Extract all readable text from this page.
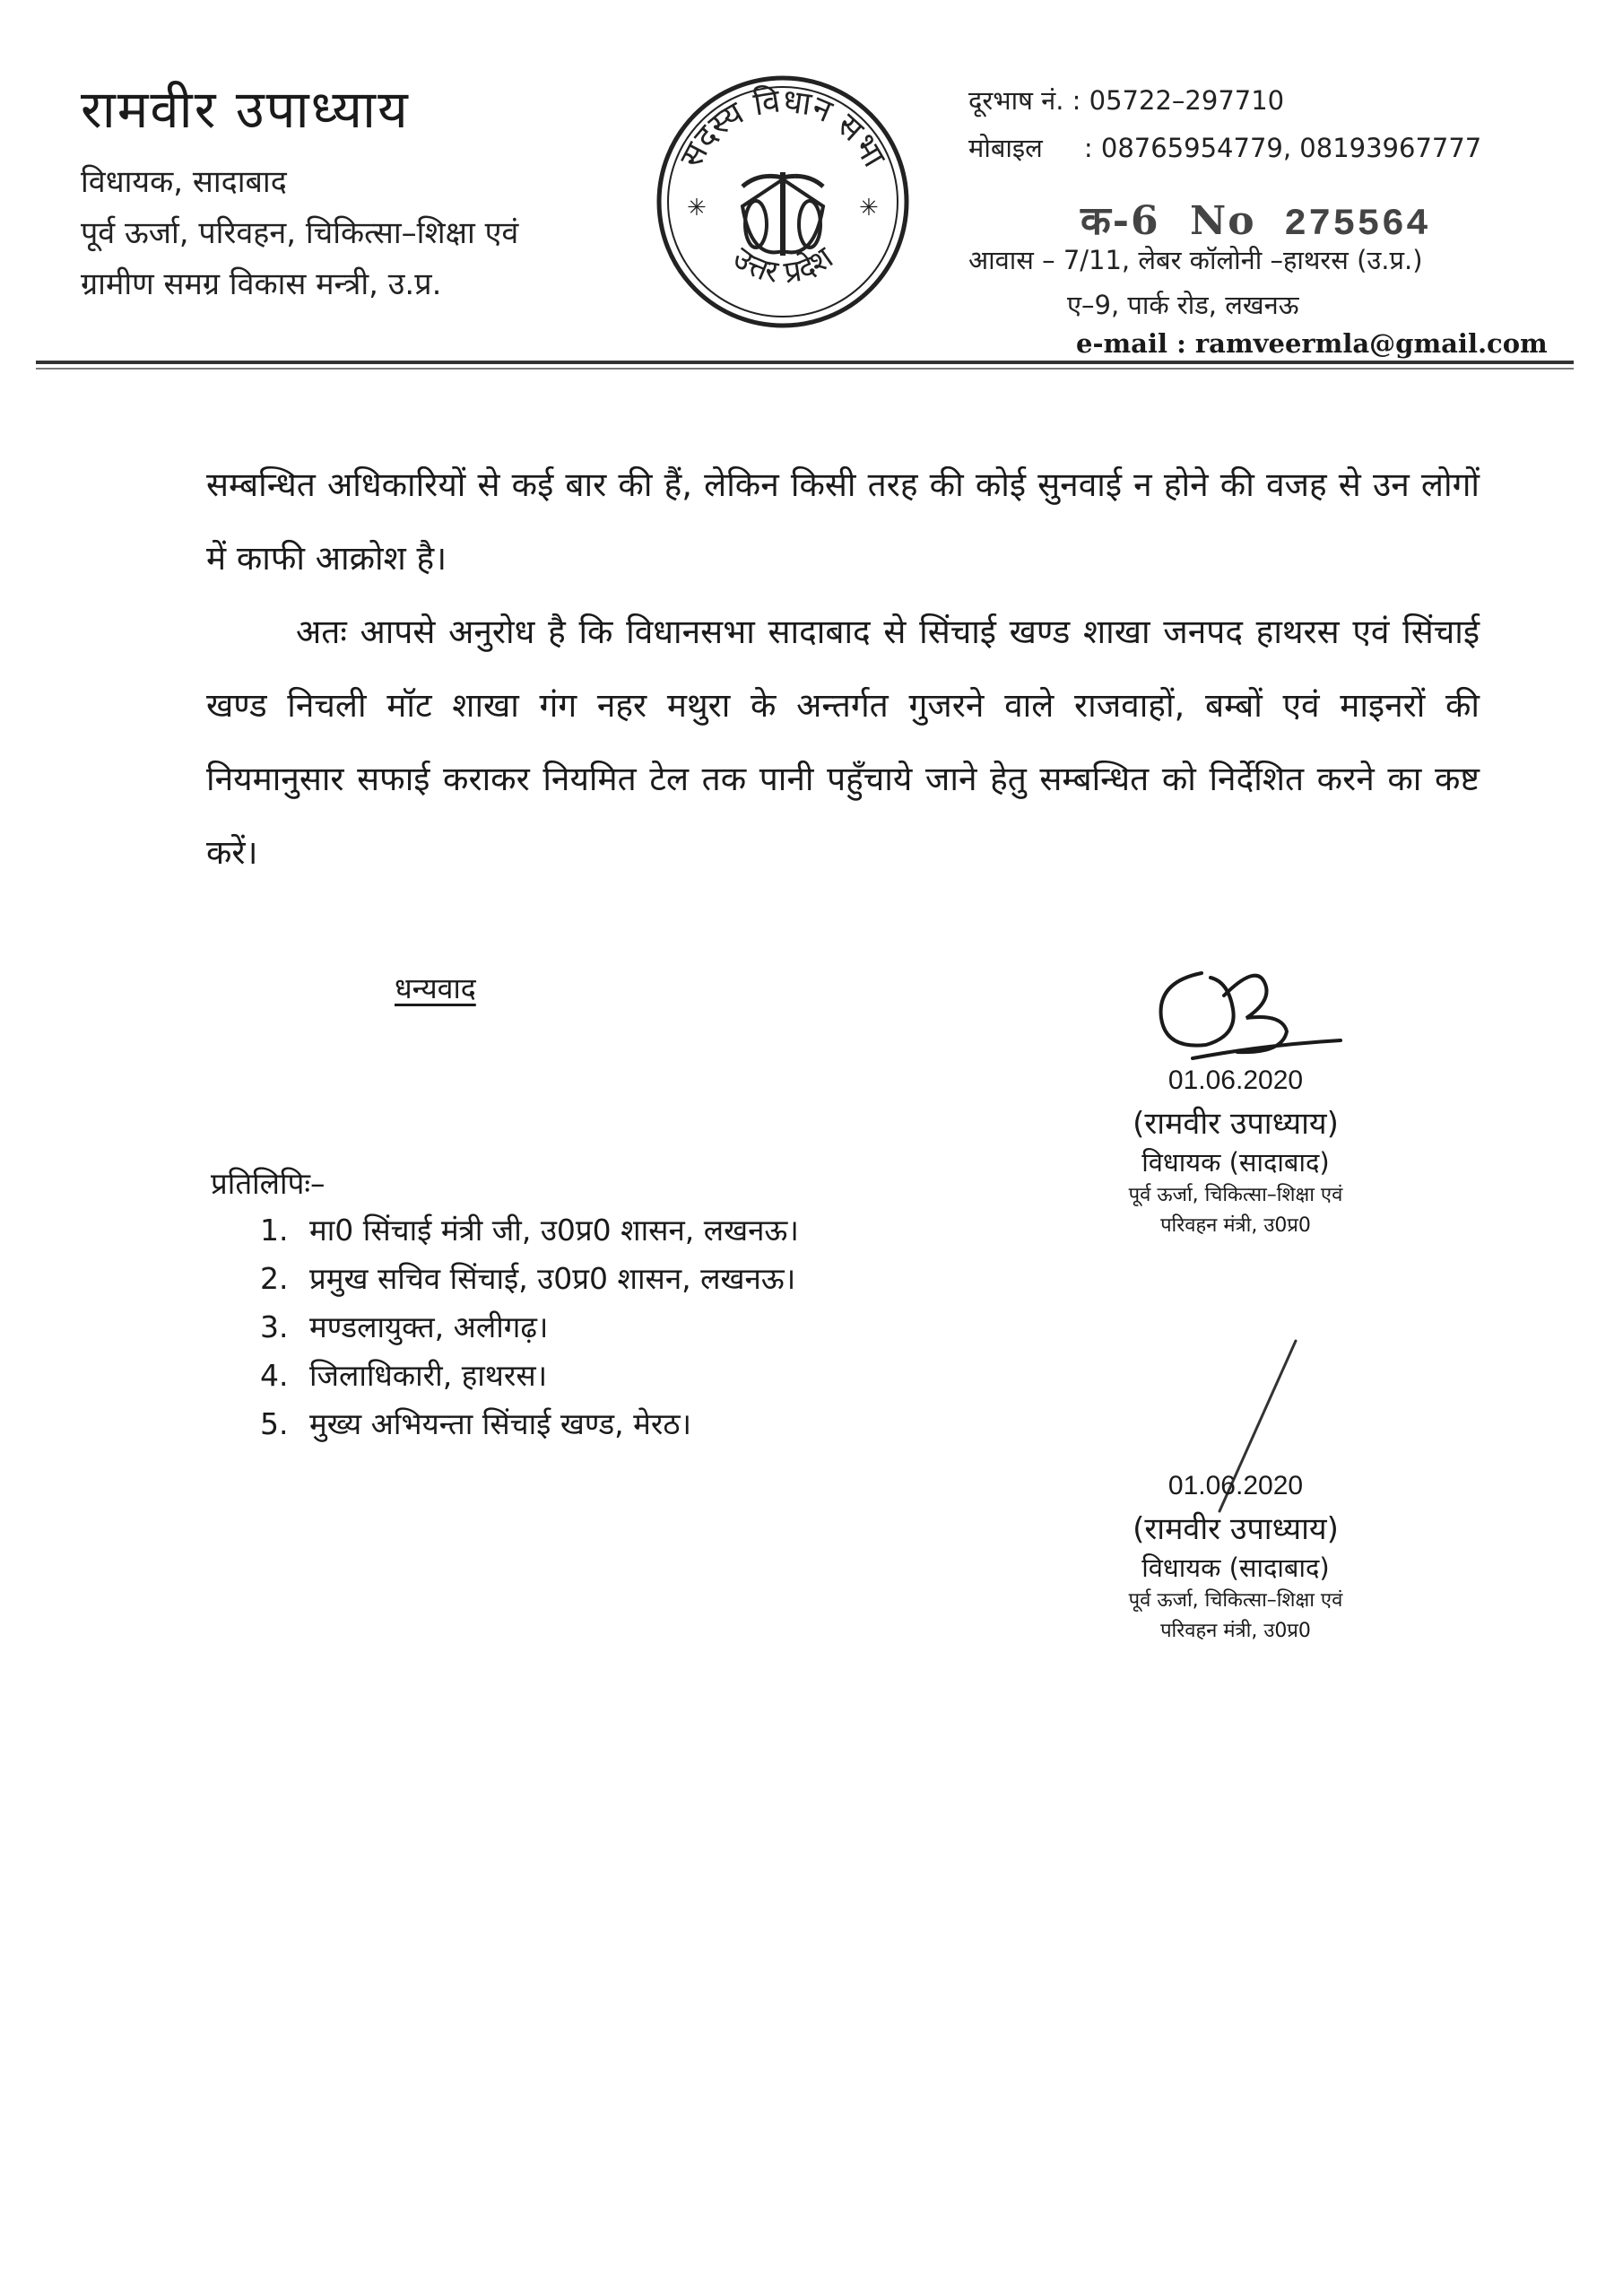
रामवीर उपाध्याय
विधायक, सादाबाद
पूर्व ऊर्जा, परिवहन, चिकित्सा–शिक्षा एवं
ग्रामीण समग्र विकास मन्त्री, उ.प्र.
सदस्य विधान सभा
उत्तर प्रदेश
✳	✳
दूरभाष नं. : 05722–297710
मोबाइल     : 08765954779, 08193967777
क-6 No 275564
आवास – 7/11, लेबर कॉलोनी –हाथरस (उ.प्र.)
ए–9, पार्क रोड, लखनऊ
e-mail : ramveermla@gmail.com

सम्बन्धित अधिकारियों से कई बार की हैं, लेकिन किसी तरह की कोई सुनवाई न होने की वजह से उन लोगों में काफी आक्रोश है।

अतः आपसे अनुरोध है कि विधानसभा सादाबाद से सिंचाई खण्ड शाखा जनपद हाथरस एवं सिंचाई खण्ड निचली मॉट शाखा गंग नहर मथुरा के अन्तर्गत गुजरने वाले राजवाहों, बम्बों एवं माइनरों की नियमानुसार सफाई कराकर नियमित टेल तक पानी पहुँचाये जाने हेतु सम्बन्धित को निर्देशित करने का कष्ट करें।

धन्यवाद
01.06.2020
(रामवीर उपाध्याय)
विधायक (सादाबाद)
पूर्व ऊर्जा, चिकित्सा–शिक्षा एवं
परिवहन मंत्री, उ0प्र0
प्रतिलिपिः–
1. मा0 सिंचाई मंत्री जी, उ0प्र0 शासन, लखनऊ।
2. प्रमुख सचिव सिंचाई, उ0प्र0 शासन, लखनऊ।
3. मण्डलायुक्त, अलीगढ़।
4. जिलाधिकारी, हाथरस।
5. मुख्य अभियन्ता सिंचाई खण्ड, मेरठ।
01.06.2020
(रामवीर उपाध्याय)
विधायक (सादाबाद)
पूर्व ऊर्जा, चिकित्सा–शिक्षा एवं
परिवहन मंत्री, उ0प्र0
